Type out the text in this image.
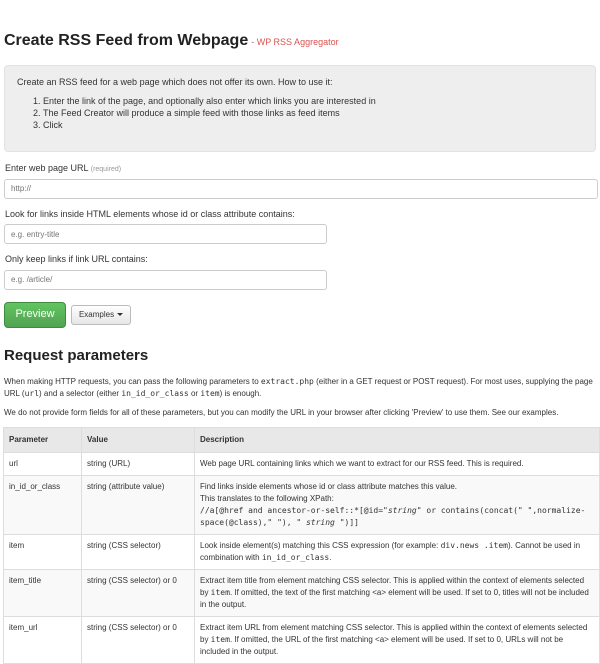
Create RSS Feed from Webpage - WP RSS Aggregator

Create an RSS feed for a web page which does not offer its own. How to use it:

1. Enter the link of the page, and optionally also enter which links you are interested in
2. The Feed Creator will produce a simple feed with those links as feed items
3. Click
Enter web page URL (required)
http://
Look for links inside HTML elements whose id or class attribute contains:
e.g. entry-title
Only keep links if link URL contains:
e.g. /article/
Preview	Examples
Request parameters

When making HTTP requests, you can pass the following parameters to extract.php (either in a GET request or POST request). For most uses, supplying the page URL (url) and a selector (either in_id_or_class or item) is enough.

We do not provide form fields for all of these parameters, but you can modify the URL in your browser after clicking 'Preview' to use them. See our examples.

Parameter	Value	Description
url	string (URL)	Web page URL containing links which we want to extract for our RSS feed. This is required.
in_id_or_class	string (attribute value)	Find links inside elements whose id or class attribute matches this value.
This translates to the following XPath:
//a[@href and ancestor-or-self::*[@id="string" or contains(concat(" ",normalize-space(@class)," "), " string ")]]
item	string (CSS selector)	Look inside element(s) matching this CSS expression (for example: div.news .item). Cannot be used in combination with in_id_or_class.
item_title	string (CSS selector) or 0	Extract item title from element matching CSS selector. This is applied within the context of elements selected by item. If omitted, the text of the first matching <a> element will be used. If set to 0, titles will not be included in the output.
item_url	string (CSS selector) or 0	Extract item URL from element matching CSS selector. This is applied within the context of elements selected by item. If omitted, the URL of the first matching <a> element will be used. If set to 0, URLs will not be included in the output.
